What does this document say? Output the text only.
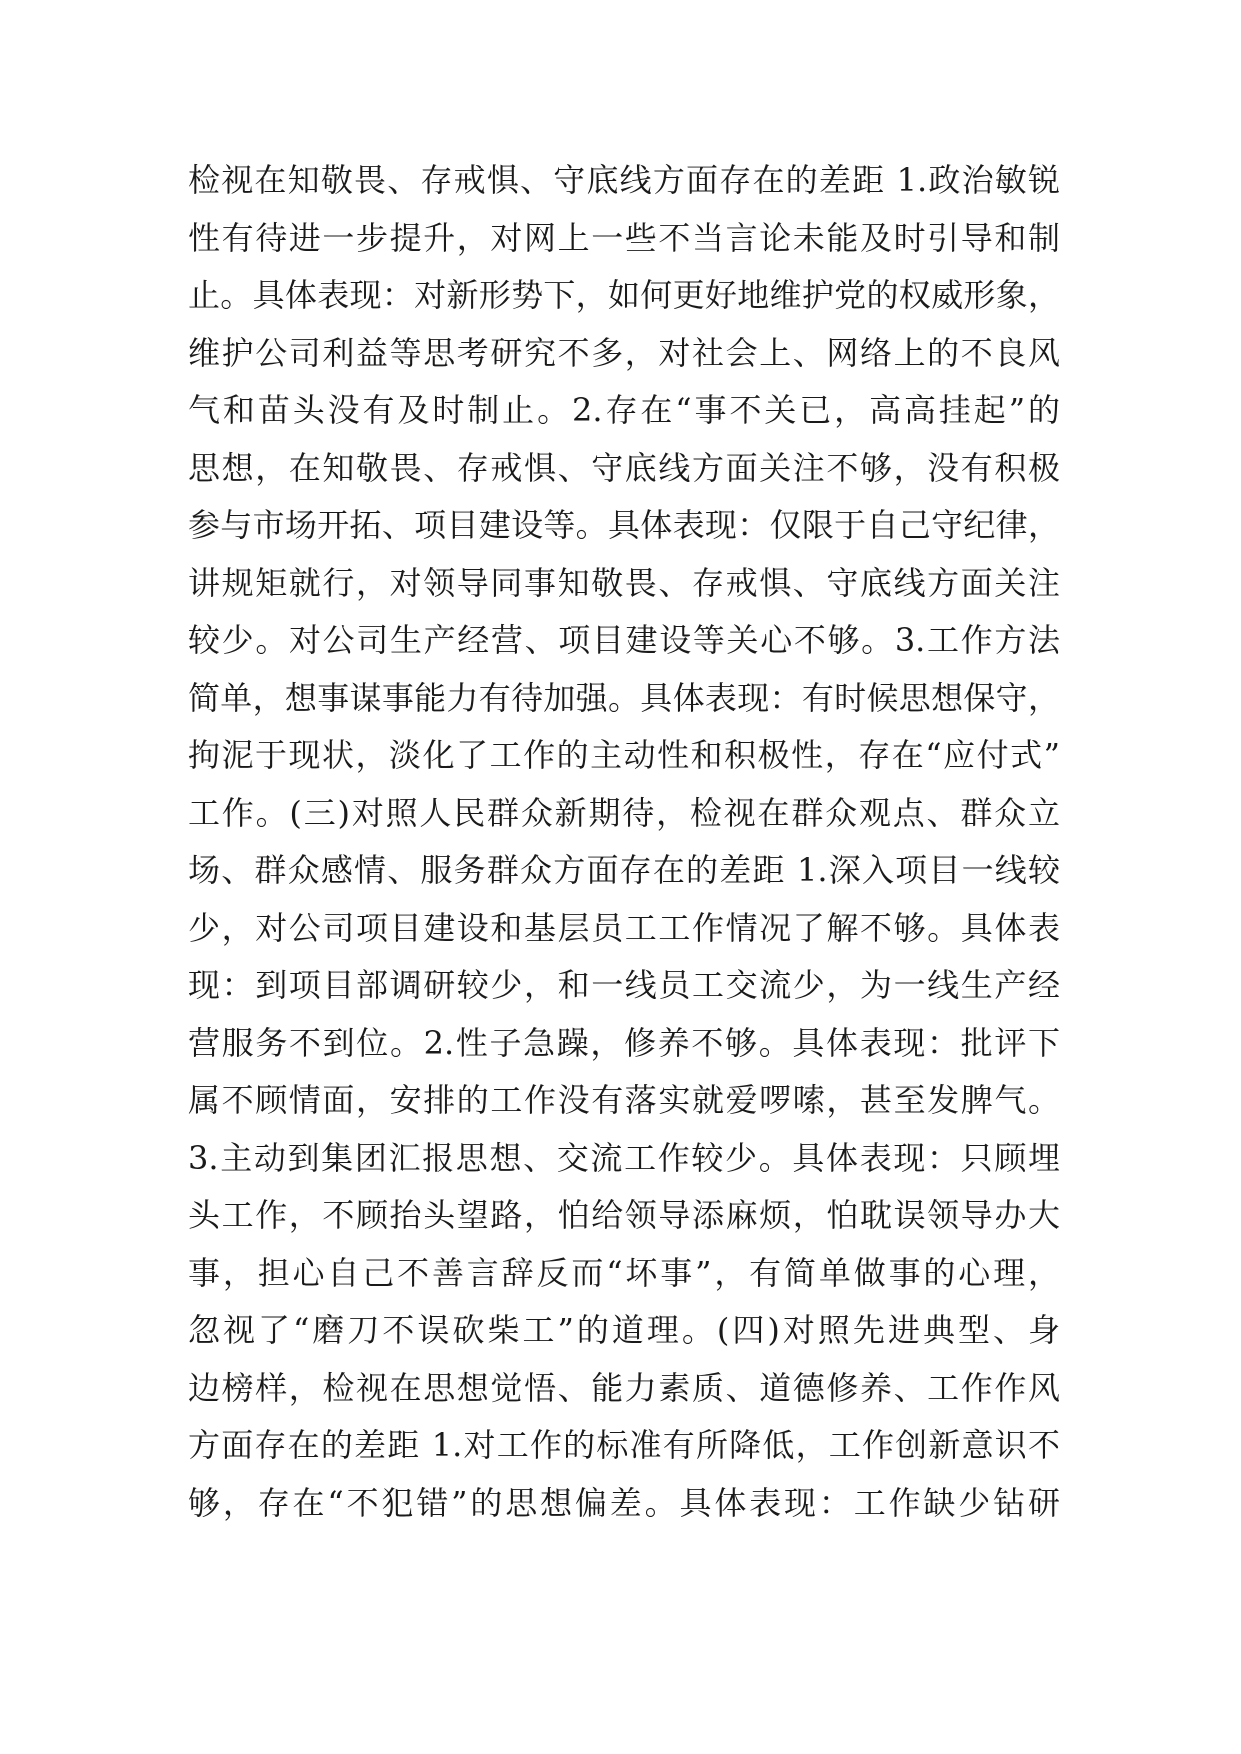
检视在知敬畏、存戒惧、守底线方面存在的差距 1.政治敏锐
性有待进一步提升，对网上一些不当言论未能及时引导和制
止。具体表现：对新形势下，如何更好地维护党的权威形象，
维护公司利益等思考研究不多，对社会上、网络上的不良风
气和苗头没有及时制止。2.存在“事不关已，高高挂起”的
思想，在知敬畏、存戒惧、守底线方面关注不够，没有积极
参与市场开拓、项目建设等。具体表现：仅限于自己守纪律，
讲规矩就行，对领导同事知敬畏、存戒惧、守底线方面关注
较少。对公司生产经营、项目建设等关心不够。3.工作方法
简单，想事谋事能力有待加强。具体表现：有时候思想保守，
拘泥于现状，淡化了工作的主动性和积极性，存在“应付式”
工作。(三)对照人民群众新期待，检视在群众观点、群众立
场、群众感情、服务群众方面存在的差距 1.深入项目一线较
少，对公司项目建设和基层员工工作情况了解不够。具体表
现：到项目部调研较少，和一线员工交流少，为一线生产经
营服务不到位。2.性子急躁，修养不够。具体表现：批评下
属不顾情面，安排的工作没有落实就爱啰嗦，甚至发脾气。
3.主动到集团汇报思想、交流工作较少。具体表现：只顾埋
头工作，不顾抬头望路，怕给领导添麻烦，怕耽误领导办大
事，担心自己不善言辞反而“坏事”，有简单做事的心理，
忽视了“磨刀不误砍柴工”的道理。(四)对照先进典型、身
边榜样，检视在思想觉悟、能力素质、道德修养、工作作风
方面存在的差距 1.对工作的标准有所降低，工作创新意识不
够，存在“不犯错”的思想偏差。具体表现：工作缺少钻研
